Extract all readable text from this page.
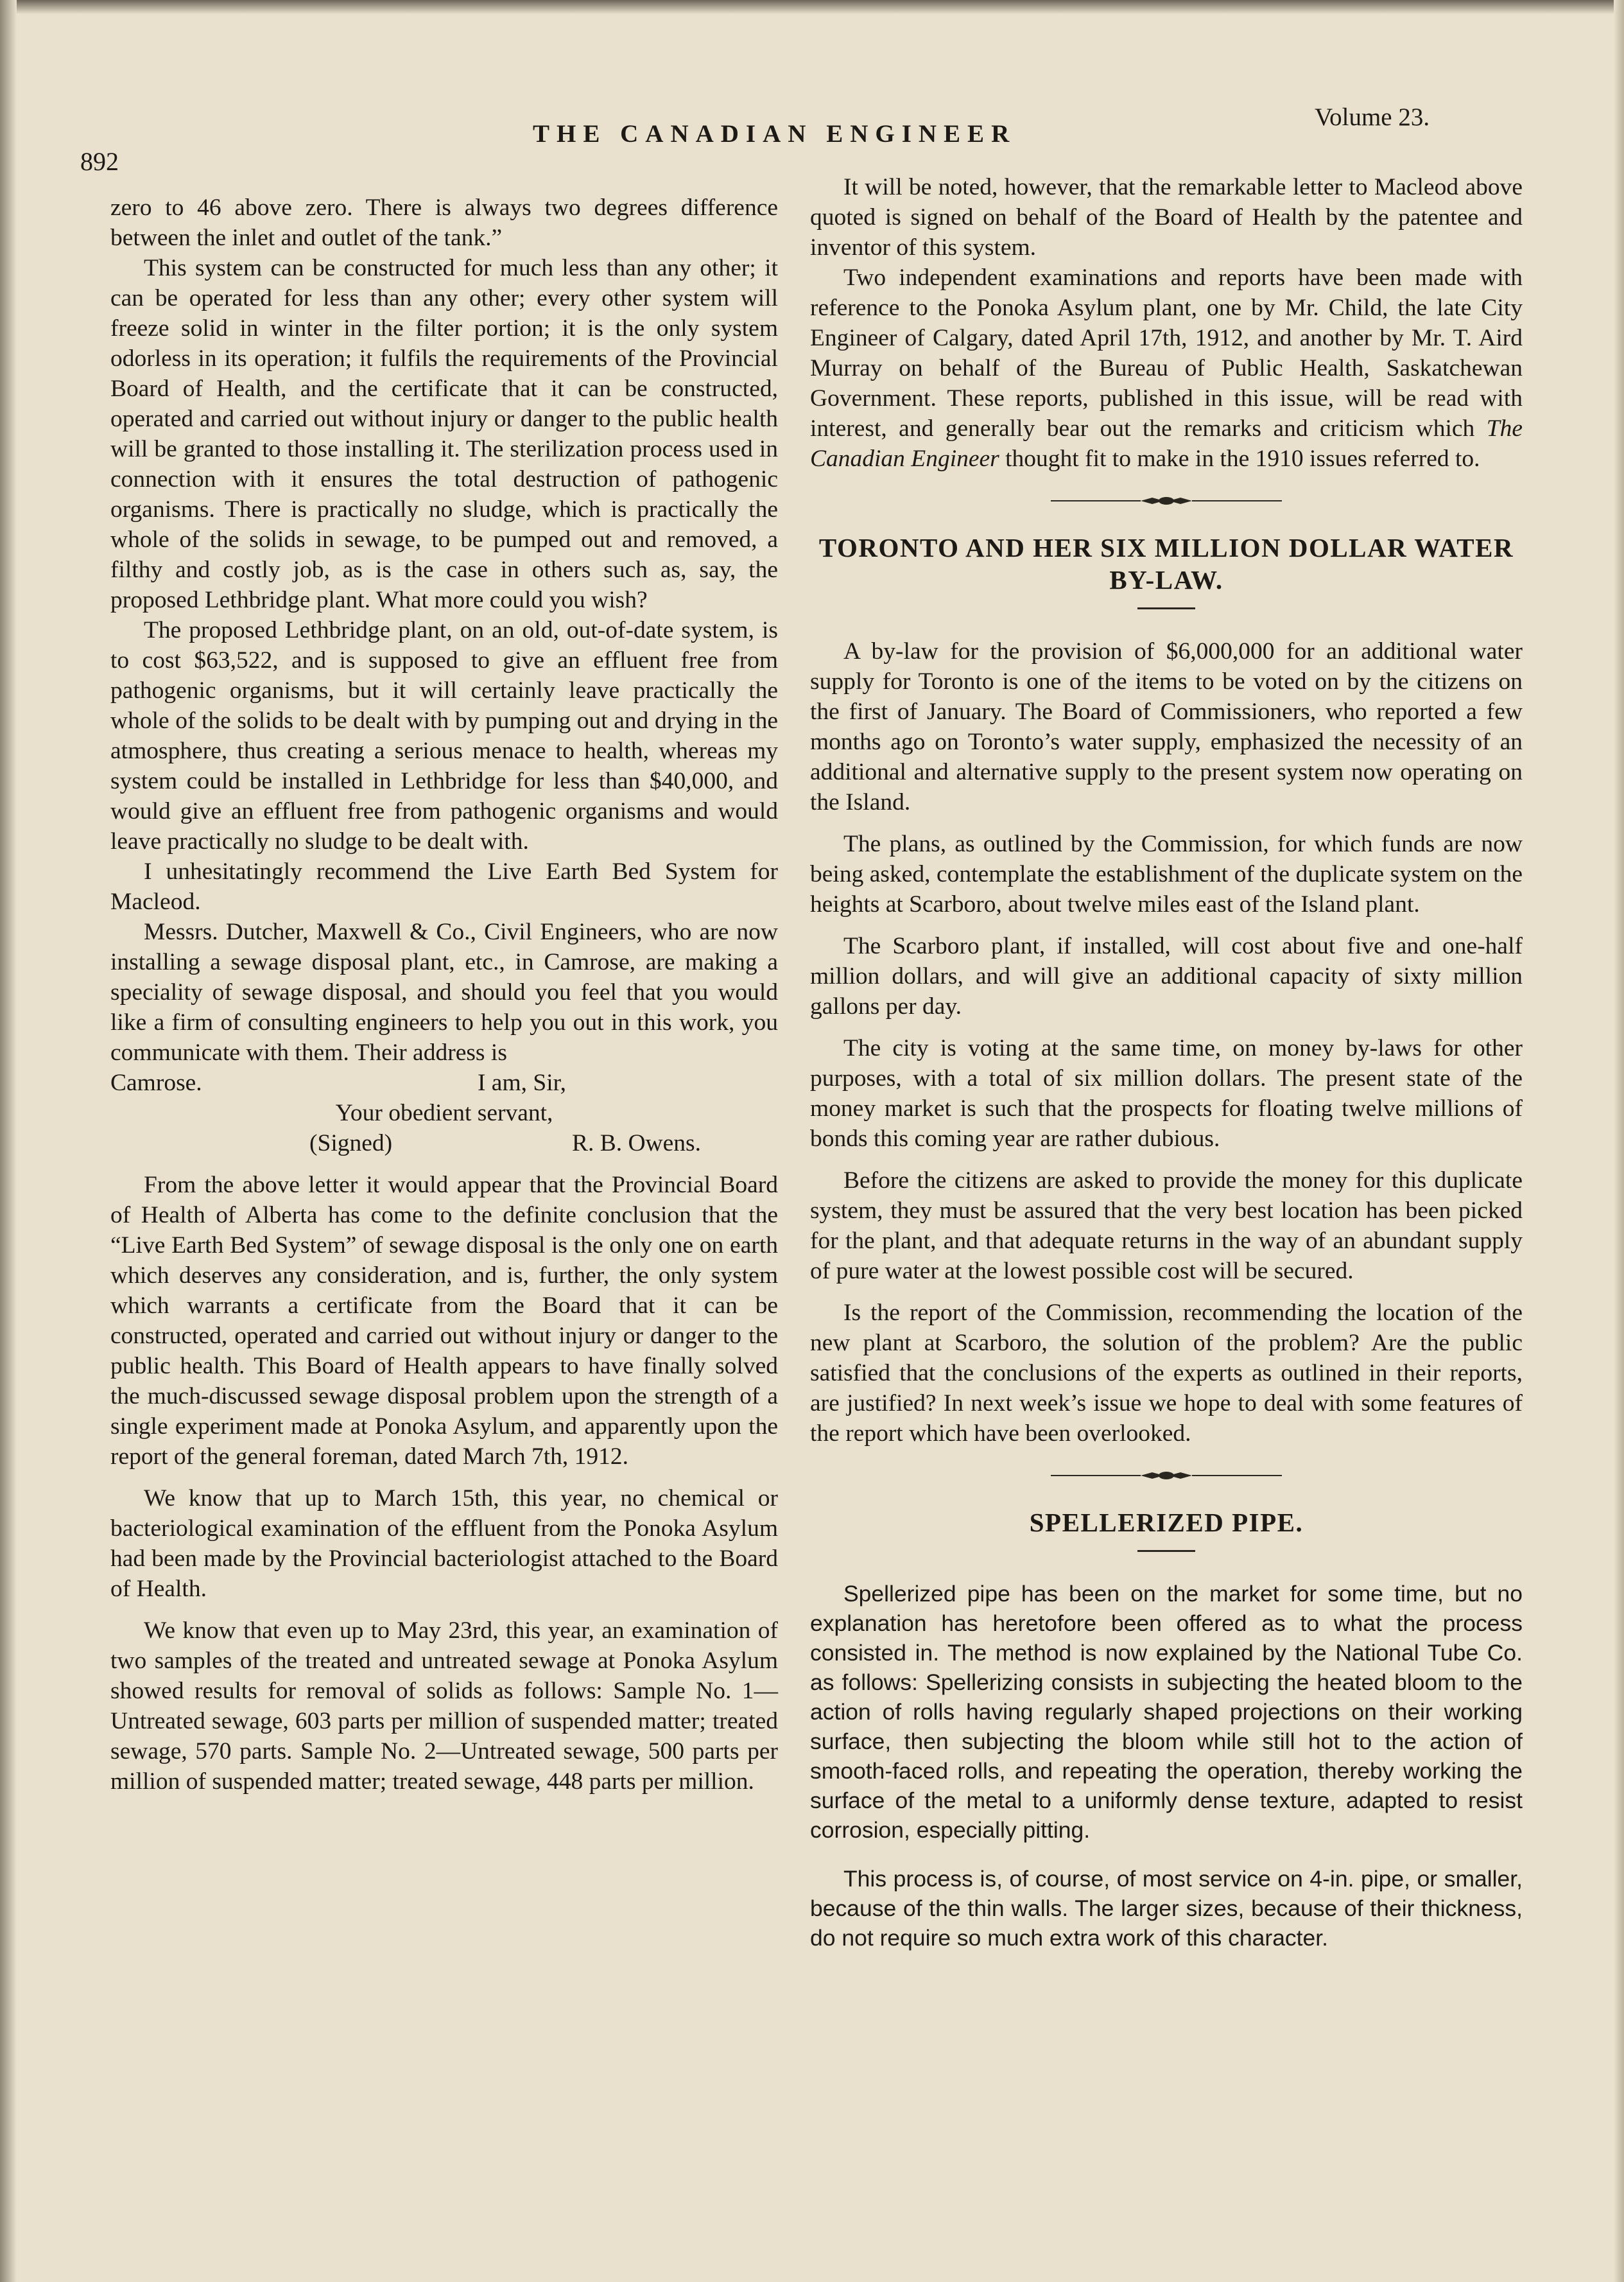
892
THE CANADIAN ENGINEER
Volume 23.

zero to 46 above zero. There is always two degrees difference between the inlet and outlet of the tank.”

This system can be constructed for much less than any other; it can be operated for less than any other; every other system will freeze solid in winter in the filter portion; it is the only system odorless in its operation; it fulfils the requirements of the Provincial Board of Health, and the certificate that it can be constructed, operated and carried out without injury or danger to the public health will be granted to those installing it. The sterilization process used in connection with it ensures the total destruction of pathogenic organisms. There is practically no sludge, which is practically the whole of the solids in sewage, to be pumped out and removed, a filthy and costly job, as is the case in others such as, say, the proposed Lethbridge plant. What more could you wish?

The proposed Lethbridge plant, on an old, out-of-date system, is to cost $63,522, and is supposed to give an effluent free from pathogenic organisms, but it will certainly leave practically the whole of the solids to be dealt with by pumping out and drying in the atmosphere, thus creating a serious menace to health, whereas my system could be installed in Lethbridge for less than $40,000, and would give an effluent free from pathogenic organisms and would leave practically no sludge to be dealt with.

I unhesitatingly recommend the Live Earth Bed System for Macleod.

Messrs. Dutcher, Maxwell & Co., Civil Engineers, who are now installing a sewage disposal plant, etc., in Camrose, are making a speciality of sewage disposal, and should you feel that you would like a firm of consulting engineers to help you out in this work, you communicate with them. Their address is

Camrose.	I am, Sir,

Your obedient servant,

(Signed)	R. B. Owens.

From the above letter it would appear that the Provincial Board of Health of Alberta has come to the definite conclusion that the “Live Earth Bed System” of sewage disposal is the only one on earth which deserves any consideration, and is, further, the only system which warrants a certificate from the Board that it can be constructed, operated and carried out without injury or danger to the public health. This Board of Health appears to have finally solved the much-discussed sewage disposal problem upon the strength of a single experiment made at Ponoka Asylum, and apparently upon the report of the general foreman, dated March 7th, 1912.

We know that up to March 15th, this year, no chemical or bacteriological examination of the effluent from the Ponoka Asylum had been made by the Provincial bacteriologist attached to the Board of Health.

We know that even up to May 23rd, this year, an examination of two samples of the treated and untreated sewage at Ponoka Asylum showed results for removal of solids as follows: Sample No. 1—Untreated sewage, 603 parts per million of suspended matter; treated sewage, 570 parts. Sample No. 2—Untreated sewage, 500 parts per million of suspended matter; treated sewage, 448 parts per million.

It will be noted, however, that the remarkable letter to Macleod above quoted is signed on behalf of the Board of Health by the patentee and inventor of this system.

Two independent examinations and reports have been made with reference to the Ponoka Asylum plant, one by Mr. Child, the late City Engineer of Calgary, dated April 17th, 1912, and another by Mr. T. Aird Murray on behalf of the Bureau of Public Health, Saskatchewan Government. These reports, published in this issue, will be read with interest, and generally bear out the remarks and criticism which The Canadian Engineer thought fit to make in the 1910 issues referred to.

TORONTO AND HER SIX MILLION DOLLAR WATER BY-LAW.

A by-law for the provision of $6,000,000 for an additional water supply for Toronto is one of the items to be voted on by the citizens on the first of January. The Board of Commissioners, who reported a few months ago on Toronto’s water supply, emphasized the necessity of an additional and alternative supply to the present system now operating on the Island.

The plans, as outlined by the Commission, for which funds are now being asked, contemplate the establishment of the duplicate system on the heights at Scarboro, about twelve miles east of the Island plant.

The Scarboro plant, if installed, will cost about five and one-half million dollars, and will give an additional capacity of sixty million gallons per day.

The city is voting at the same time, on money by-laws for other purposes, with a total of six million dollars. The present state of the money market is such that the prospects for floating twelve millions of bonds this coming year are rather dubious.

Before the citizens are asked to provide the money for this duplicate system, they must be assured that the very best location has been picked for the plant, and that adequate returns in the way of an abundant supply of pure water at the lowest possible cost will be secured.

Is the report of the Commission, recommending the location of the new plant at Scarboro, the solution of the problem? Are the public satisfied that the conclusions of the experts as outlined in their reports, are justified? In next week’s issue we hope to deal with some features of the report which have been overlooked.

SPELLERIZED PIPE.

Spellerized pipe has been on the market for some time, but no explanation has heretofore been offered as to what the process consisted in. The method is now explained by the National Tube Co. as follows: Spellerizing consists in subjecting the heated bloom to the action of rolls having regularly shaped projections on their working surface, then subjecting the bloom while still hot to the action of smooth-faced rolls, and repeating the operation, thereby working the surface of the metal to a uniformly dense texture, adapted to resist corrosion, especially pitting.

This process is, of course, of most service on 4-in. pipe, or smaller, because of the thin walls. The larger sizes, because of their thickness, do not require so much extra work of this character.
